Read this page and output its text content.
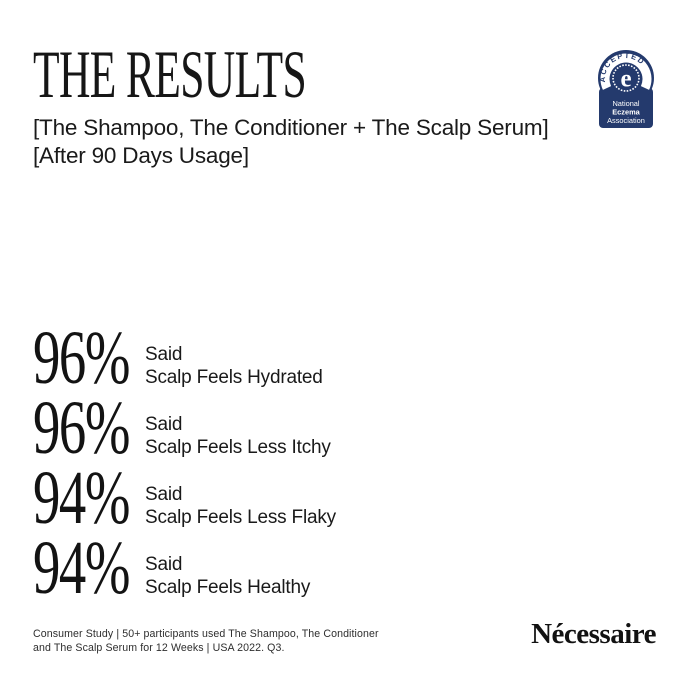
THE RESULTS
[The Shampoo, The Conditioner + The Scalp Serum]
[After 90 Days Usage]
ACCEPTED
e
National
Eczema
Association
96% Said
Scalp Feels Hydrated
96% Said
Scalp Feels Less Itchy
94% Said
Scalp Feels Less Flaky
94% Said
Scalp Feels Healthy
Consumer Study | 50+ participants used The Shampoo, The Conditioner
and The Scalp Serum for 12 Weeks | USA 2022. Q3.	Nécessaire
